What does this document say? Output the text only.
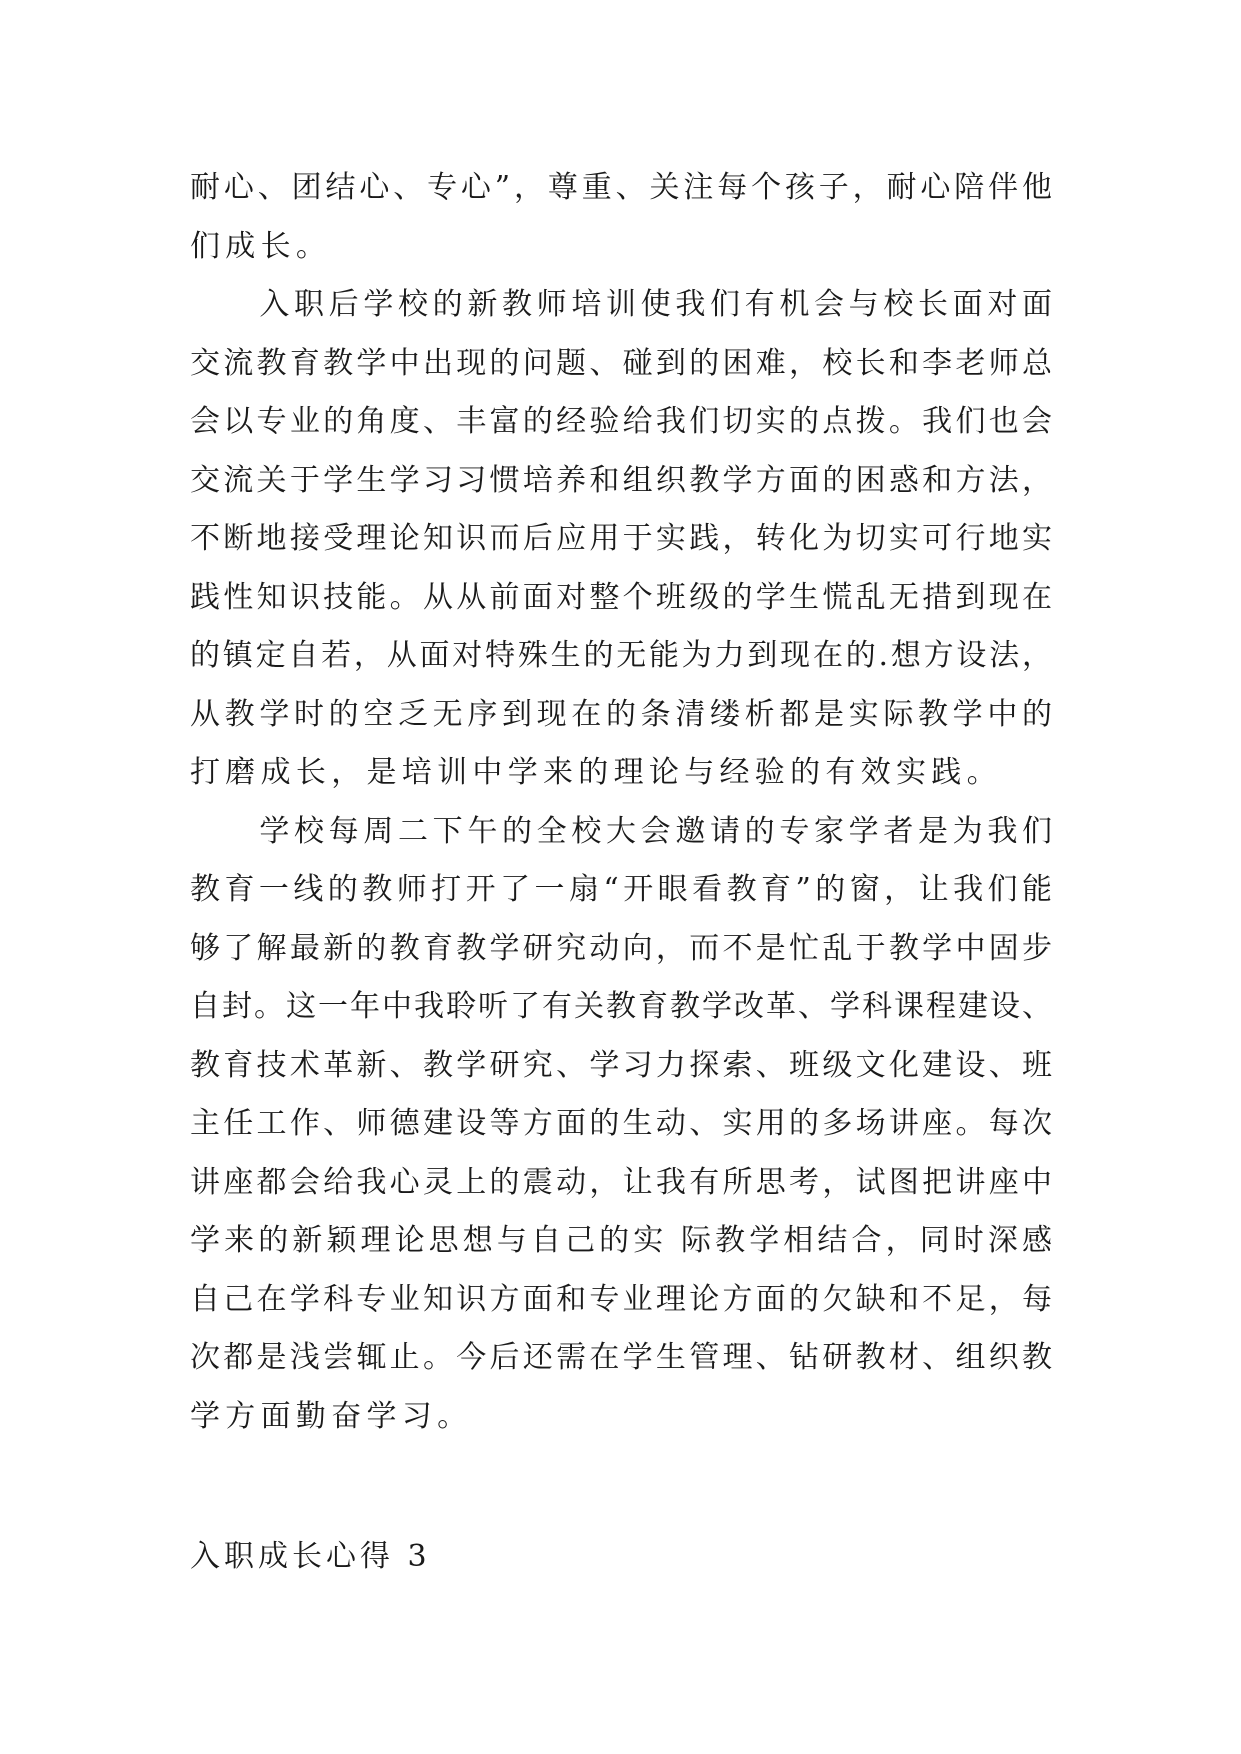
耐心、团结心、专心”，尊重、关注每个孩子，耐心陪伴他
们成长。
　　入职后学校的新教师培训使我们有机会与校长面对面
交流教育教学中出现的问题、碰到的困难，校长和李老师总
会以专业的角度、丰富的经验给我们切实的点拨。我们也会
交流关于学生学习习惯培养和组织教学方面的困惑和方法，
不断地接受理论知识而后应用于实践，转化为切实可行地实
践性知识技能。从从前面对整个班级的学生慌乱无措到现在
的镇定自若，从面对特殊生的无能为力到现在的.想方设法，
从教学时的空乏无序到现在的条清缕析都是实际教学中的
打磨成长，是培训中学来的理论与经验的有效实践。
　　学校每周二下午的全校大会邀请的专家学者是为我们
教育一线的教师打开了一扇“开眼看教育”的窗，让我们能
够了解最新的教育教学研究动向，而不是忙乱于教学中固步
自封。这一年中我聆听了有关教育教学改革、学科课程建设、
教育技术革新、教学研究、学习力探索、班级文化建设、班
主任工作、师德建设等方面的生动、实用的多场讲座。每次
讲座都会给我心灵上的震动，让我有所思考，试图把讲座中
学来的新颖理论思想与自己的实 际教学相结合，同时深感
自己在学科专业知识方面和专业理论方面的欠缺和不足，每
次都是浅尝辄止。今后还需在学生管理、钻研教材、组织教
学方面勤奋学习。
入职成长心得 3
